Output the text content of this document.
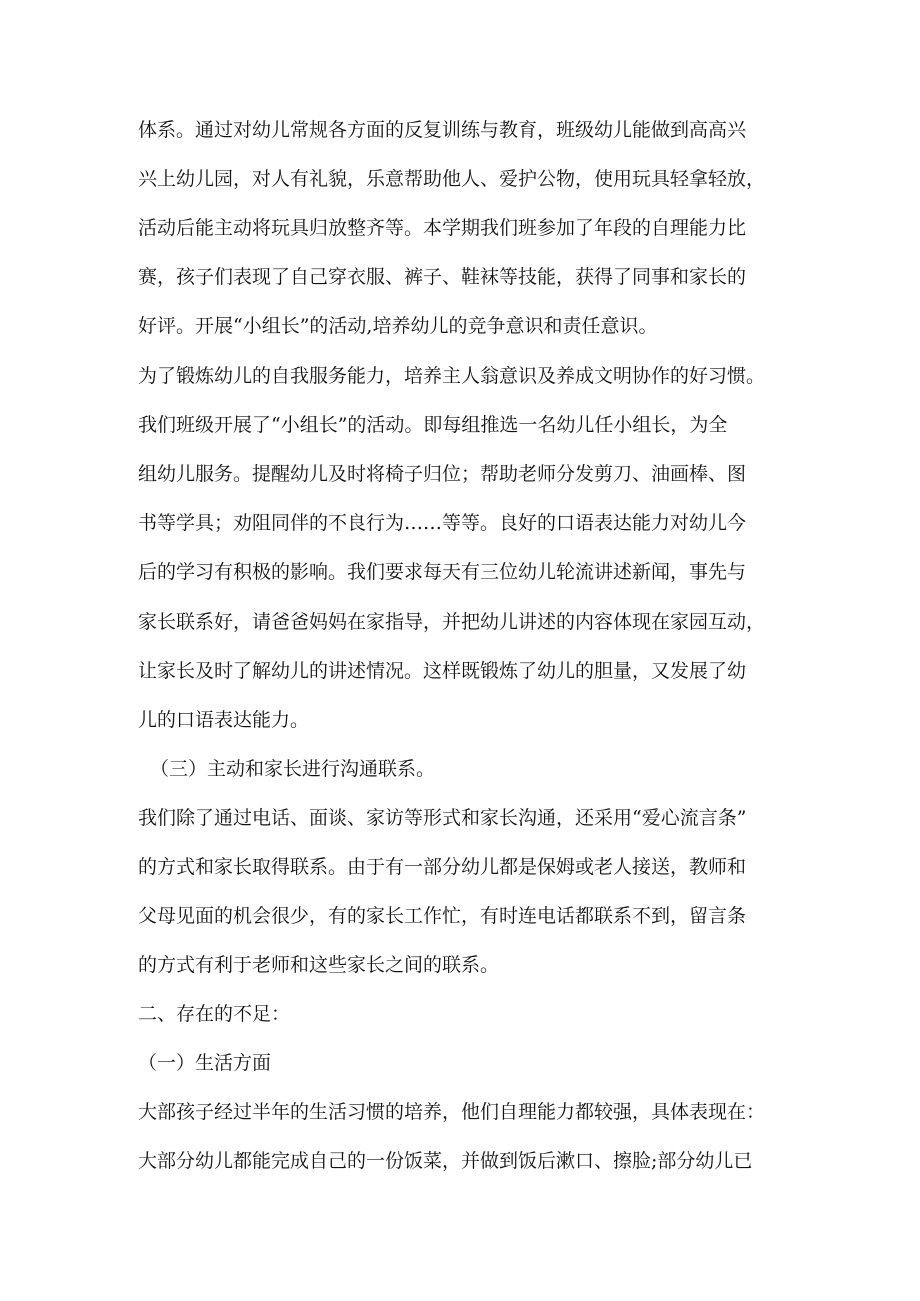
体系。通过对幼儿常规各方面的反复训练与教育，班级幼儿能做到高高兴
兴上幼儿园，对人有礼貌，乐意帮助他人、爱护公物，使用玩具轻拿轻放，
活动后能主动将玩具归放整齐等。本学期我们班参加了年段的自理能力比
赛，孩子们表现了自己穿衣服、裤子、鞋袜等技能，获得了同事和家长的
好评。开展“小组长”的活动,培养幼儿的竞争意识和责任意识。
为了锻炼幼儿的自我服务能力，培养主人翁意识及养成文明协作的好习惯。
我们班级开展了“小组长”的活动。即每组推选一名幼儿任小组长，为全
组幼儿服务。提醒幼儿及时将椅子归位；帮助老师分发剪刀、油画棒、图
书等学具；劝阻同伴的不良行为……等等。良好的口语表达能力对幼儿今
后的学习有积极的影响。我们要求每天有三位幼儿轮流讲述新闻，事先与
家长联系好，请爸爸妈妈在家指导，并把幼儿讲述的内容体现在家园互动，
让家长及时了解幼儿的讲述情况。这样既锻炼了幼儿的胆量，又发展了幼
儿的口语表达能力。
（三）主动和家长进行沟通联系。
我们除了通过电话、面谈、家访等形式和家长沟通，还采用“爱心流言条”
的方式和家长取得联系。由于有一部分幼儿都是保姆或老人接送，教师和
父母见面的机会很少，有的家长工作忙，有时连电话都联系不到，留言条
的方式有利于老师和这些家长之间的联系。
二、存在的不足：
（一）生活方面
大部孩子经过半年的生活习惯的培养，他们自理能力都较强，具体表现在：
大部分幼儿都能完成自己的一份饭菜，并做到饭后漱口、擦脸;部分幼儿已
